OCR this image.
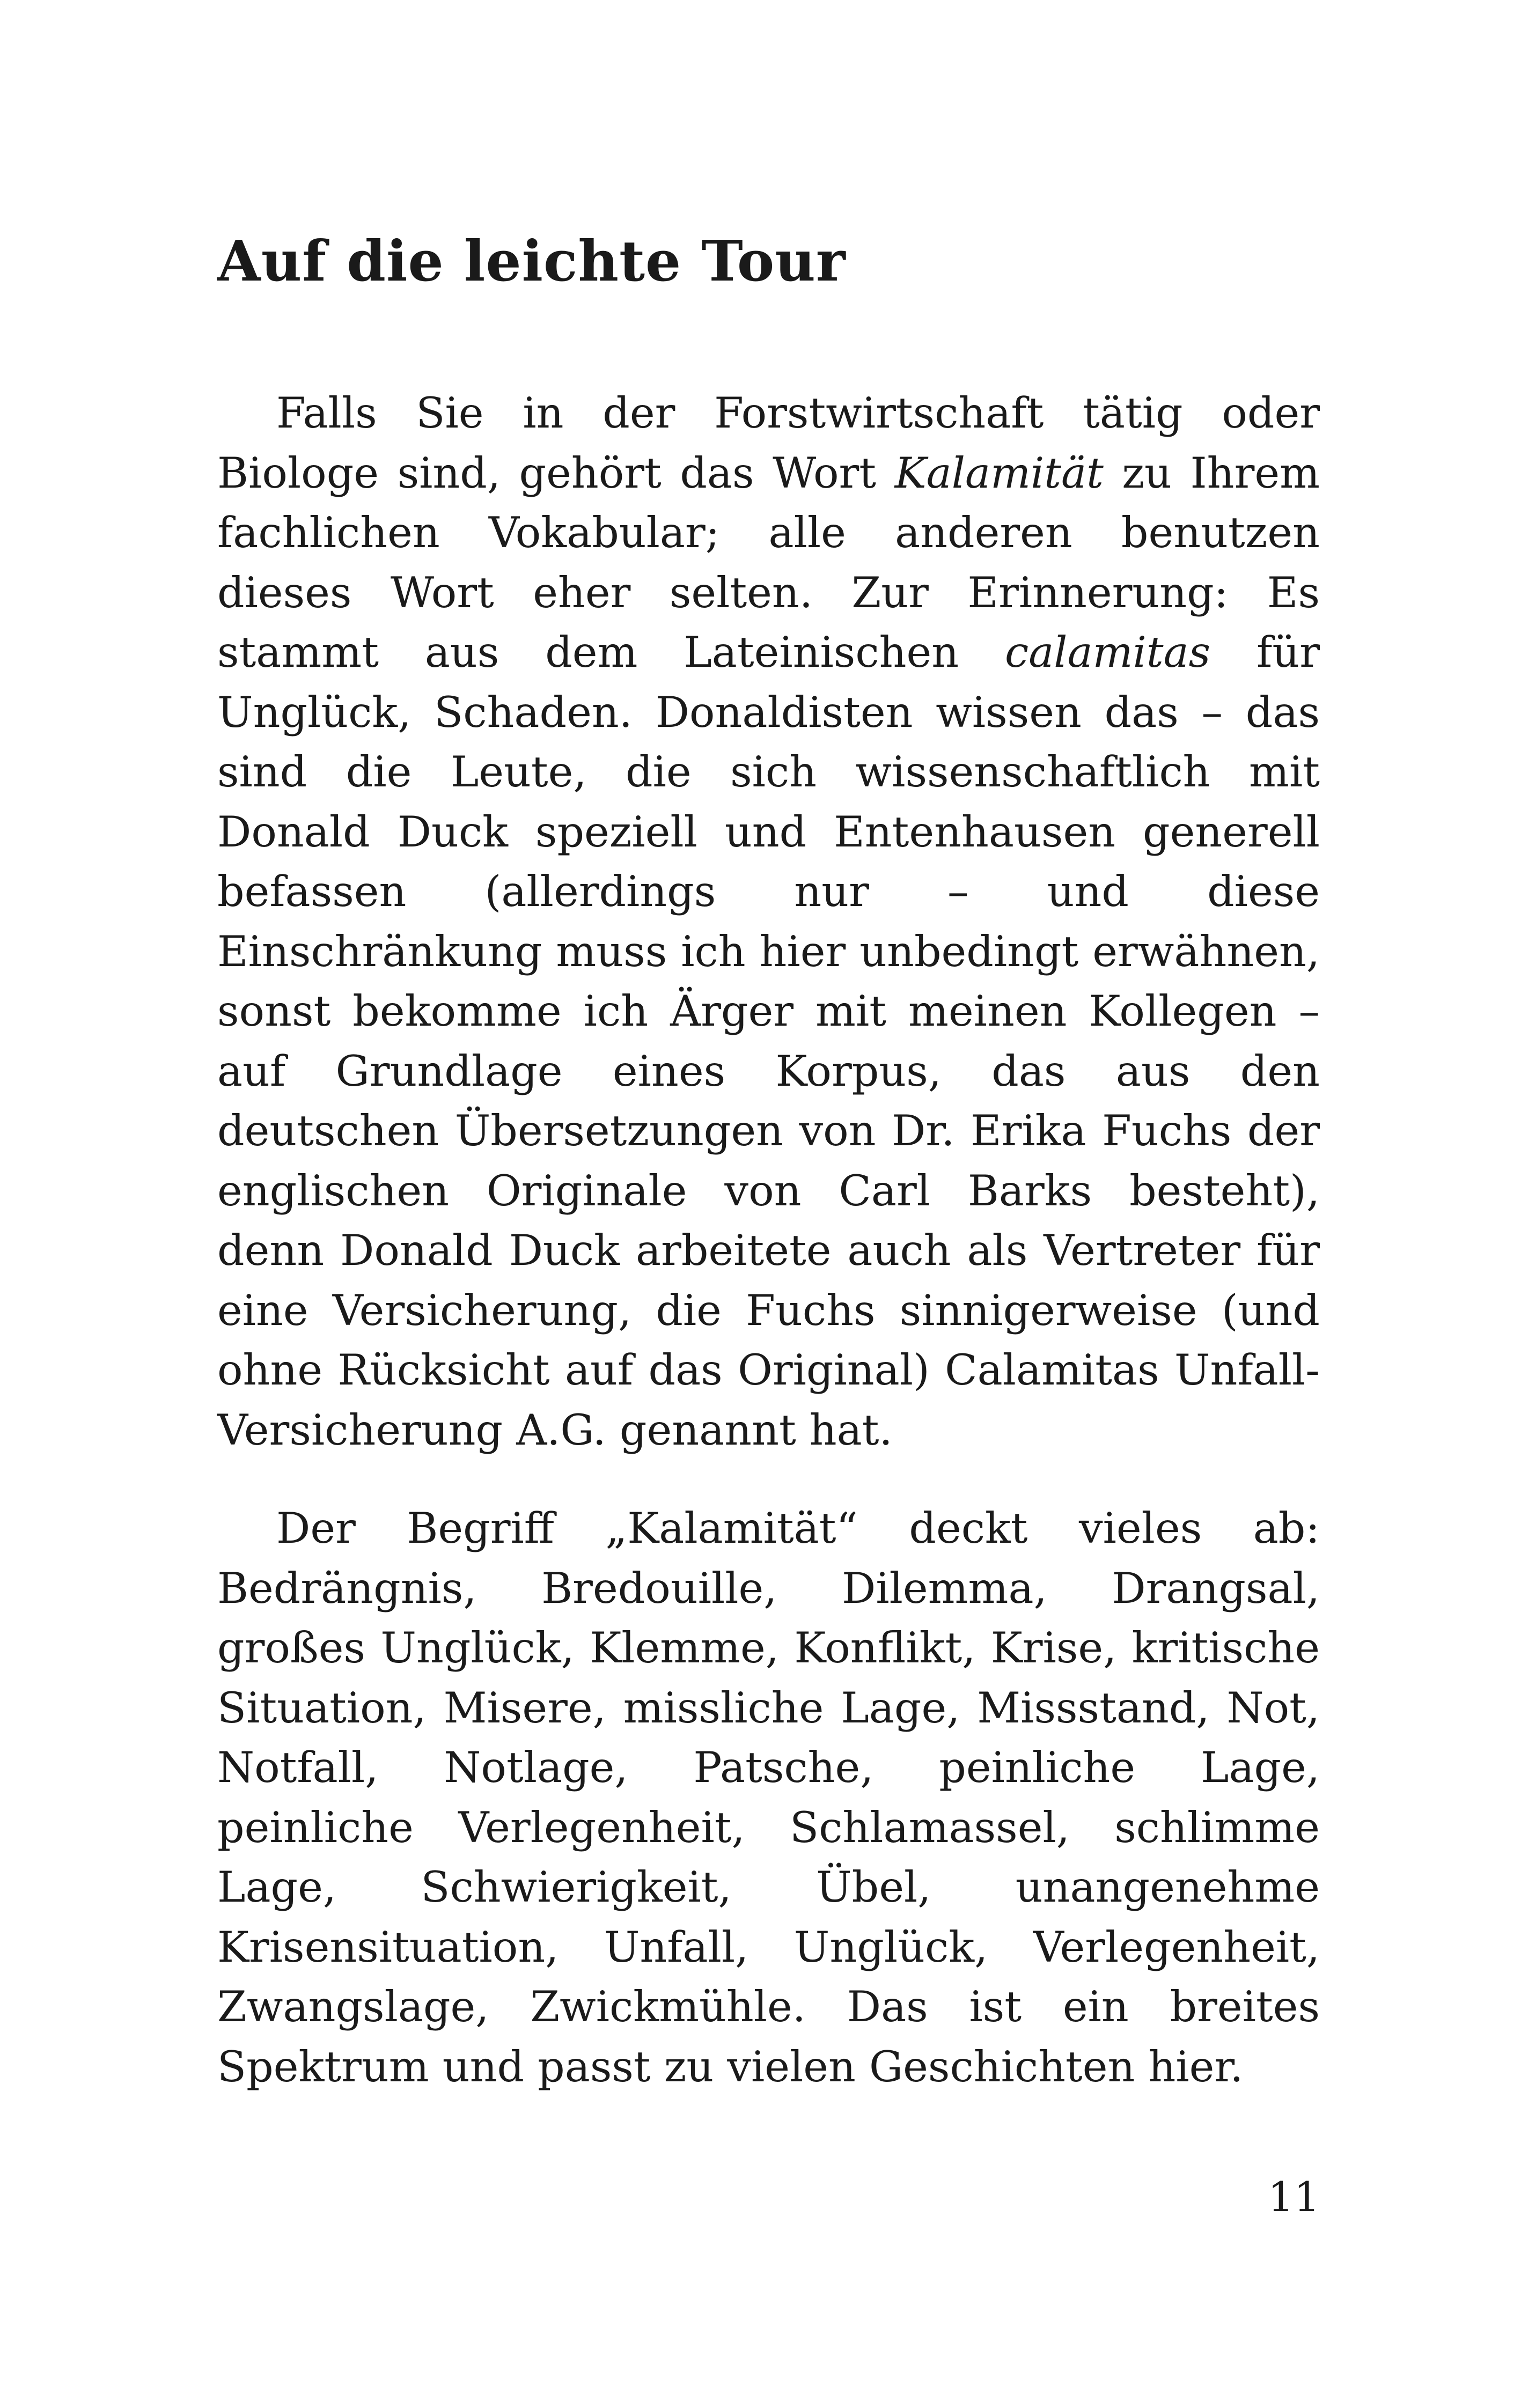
Auf die leichte Tour

Falls Sie in der Forstwirtschaft tätig oder Biologe sind, gehört das Wort Kalamität zu Ihrem fachlichen Vokabular; alle anderen benutzen dieses Wort eher selten. Zur Erinnerung: Es stammt aus dem Lateinischen calamitas für Unglück, Schaden. Donaldisten wissen das – das sind die Leute, die sich wissenschaftlich mit Donald Duck speziell und Entenhausen generell befassen (allerdings nur – und diese Einschränkung muss ich hier unbedingt erwähnen, sonst bekomme ich Ärger mit meinen Kollegen – auf Grundlage eines Korpus, das aus den deutschen Übersetzungen von Dr. Erika Fuchs der englischen Originale von Carl Barks besteht), denn Donald Duck arbeitete auch als Vertreter für eine Versicherung, die Fuchs sinnigerweise (und ohne Rücksicht auf das Original) Calamitas Unfall-Versicherung A.G. genannt hat.

Der Begriff „Kalamität“ deckt vieles ab: Bedrängnis, Bredouille, Dilemma, Drangsal, großes Unglück, Klemme, Konflikt, Krise, kritische Situation, Misere, missliche Lage, Missstand, Not, Notfall, Notlage, Patsche, peinliche Lage, peinliche Verlegenheit, Schlamassel, schlimme Lage, Schwierigkeit, Übel, unangenehme Krisensituation, Unfall, Unglück, Verlegenheit, Zwangslage, Zwickmühle. Das ist ein breites Spektrum und passt zu vielen Geschichten hier.

11
